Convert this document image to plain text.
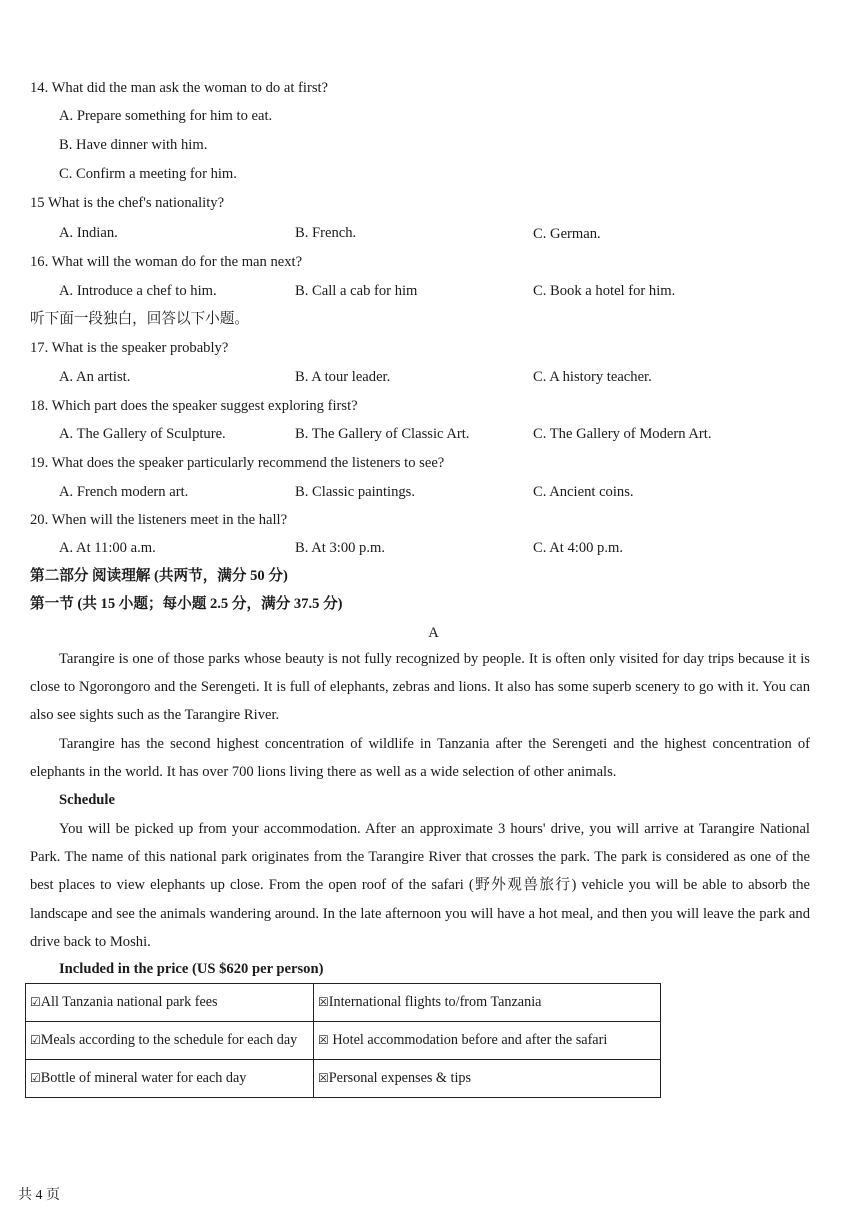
14. What did the man ask the woman to do at first?
A. Prepare something for him to eat.
B. Have dinner with him.
C. Confirm a meeting for him.
15 What is the chef's nationality?
A. Indian.	B. French.	C. German.
16. What will the woman do for the man next?
A. Introduce a chef to him.	B. Call a cab for him	C. Book a hotel for him.
听下面一段独白，回答以下小题。
17. What is the speaker probably?
A. An artist.	B. A tour leader.	C. A history teacher.
18. Which part does the speaker suggest exploring first?
A. The Gallery of Sculpture.	B. The Gallery of Classic Art.	C. The Gallery of Modern Art.
19. What does the speaker particularly recommend the listeners to see?
A. French modern art.	B. Classic paintings.	C. Ancient coins.
20. When will the listeners meet in the hall?
A. At 11:00 a.m.	B. At 3:00 p.m.	C. At 4:00 p.m.
第二部分 阅读理解 (共两节，满分 50 分)
第一节 (共 15 小题；每小题 2.5 分，满分 37.5 分)
A

Tarangire is one of those parks whose beauty is not fully recognized by people. It is often only visited for day trips because it is close to Ngorongoro and the Serengeti. It is full of elephants, zebras and lions. It also has some superb scenery to go with it. You can also see sights such as the Tarangire River.

Tarangire has the second highest concentration of wildlife in Tanzania after the Serengeti and the highest concentration of elephants in the world. It has over 700 lions living there as well as a wide selection of other animals.

Schedule

You will be picked up from your accommodation. After an approximate 3 hours' drive, you will arrive at Tarangire National Park. The name of this national park originates from the Tarangire River that crosses the park. The park is considered as one of the best places to view elephants up close. From the open roof of the safari (野外观兽旅行) vehicle you will be able to absorb the landscape and see the animals wandering around. In the late afternoon you will have a hot meal, and then you will leave the park and drive back to Moshi.

Included in the price (US $620 per person)

☑All Tanzania national park fees	☒International flights to/from Tanzania
☑Meals according to the schedule for each day	☒ Hotel accommodation before and after the safari
☑Bottle of mineral water for each day	☒Personal expenses & tips
共 4 页
